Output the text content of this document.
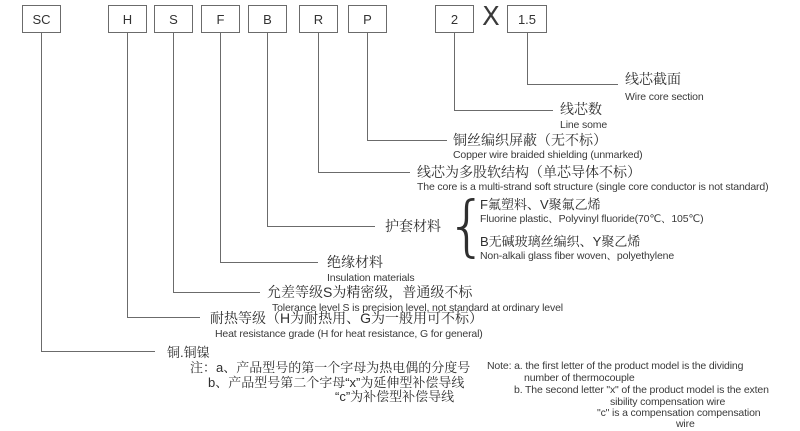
SC	H	S	F	B	R	P	2 X	1.5
线芯截面
Wire core section
线芯数
Line some
铜丝编织屏蔽（无不标）
Copper wire braided shielding (unmarked)
线芯为多股软结构（单芯导体不标）
The core is a multi-strand soft structure (single core conductor is not standard)
护套材料 {
F氟塑料、V聚氟乙烯
Fluorine plastic、Polyvinyl fluoride(70℃、105℃)
B无碱玻璃丝编织、Y聚乙烯
Non-alkali glass fiber woven、polyethylene
绝缘材料
Insulation materials
允差等级S为精密级，普通级不标
Tolerance level S is precision level, not standard at ordinary level
耐热等级（H为耐热用、G为一般用可不标）
Heat resistance grade (H for heat resistance, G for general)
铜.铜镍
注：a、产品型号的第一个字母为热电偶的分度号
b、产品型号第二个字母“x”为延伸型补偿导线
“c”为补偿型补偿导线
Note: a. the first letter of the product model is the dividing
number of thermocouple
b. The second letter "x" of the product model is the exten
sibility compensation wire
"c" is a compensation compensation
wire
